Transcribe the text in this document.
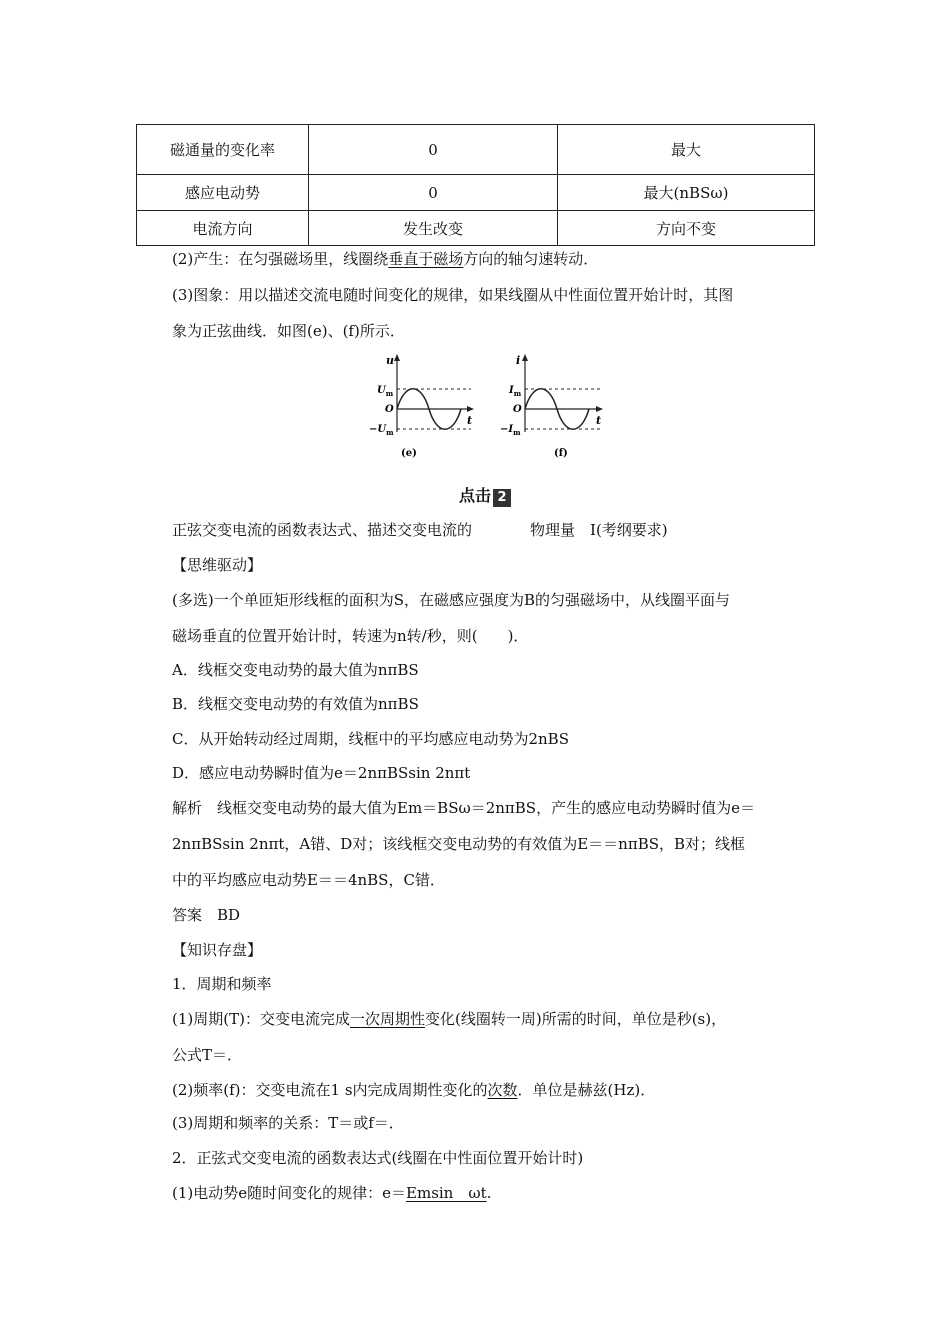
磁通量的变化率	0	最大
感应电动势	0	最大(nBSω)
电流方向	发生改变	方向不变
(2)产生：在匀强磁场里，线圈绕垂直于磁场方向的轴匀速转动．
(3)图象：用以描述交流电随时间变化的规律，如果线圈从中性面位置开始计时，其图
象为正弦曲线．如图(e)、(f)所示．
u
t
$U_m$
O
$-U_m$
(e)
i
t
$I_m$
O
$-I_m$
(f)
点击 2
正弦交变电流的函数表达式、描述交变电流的	物理量　Ⅰ(考纲要求)
【思维驱动】
(多选)一个单匝矩形线框的面积为S，在磁感应强度为B的匀强磁场中，从线圈平面与
磁场垂直的位置开始计时，转速为n转/秒，则(　　)．
A．线框交变电动势的最大值为nπBS
B．线框交变电动势的有效值为nπBS
C．从开始转动经过周期，线框中的平均感应电动势为2nBS
D．感应电动势瞬时值为e＝2nπBSsin 2nπt
解析　线框交变电动势的最大值为Em＝BSω＝2nπBS，产生的感应电动势瞬时值为e＝
2nπBSsin 2nπt，A错、D对；该线框交变电动势的有效值为E＝＝nπBS，B对；线框
中的平均感应电动势E＝＝4nBS，C错．
答案　BD
【知识存盘】
1．周期和频率
(1)周期(T)：交变电流完成一次周期性变化(线圈转一周)所需的时间，单位是秒(s)，
公式T＝．
(2)频率(f)：交变电流在1 s内完成周期性变化的次数．单位是赫兹(Hz)．
(3)周期和频率的关系：T＝或f＝．
2．正弦式交变电流的函数表达式(线圈在中性面位置开始计时)
(1)电动势e随时间变化的规律：e＝Emsin　ωt.
